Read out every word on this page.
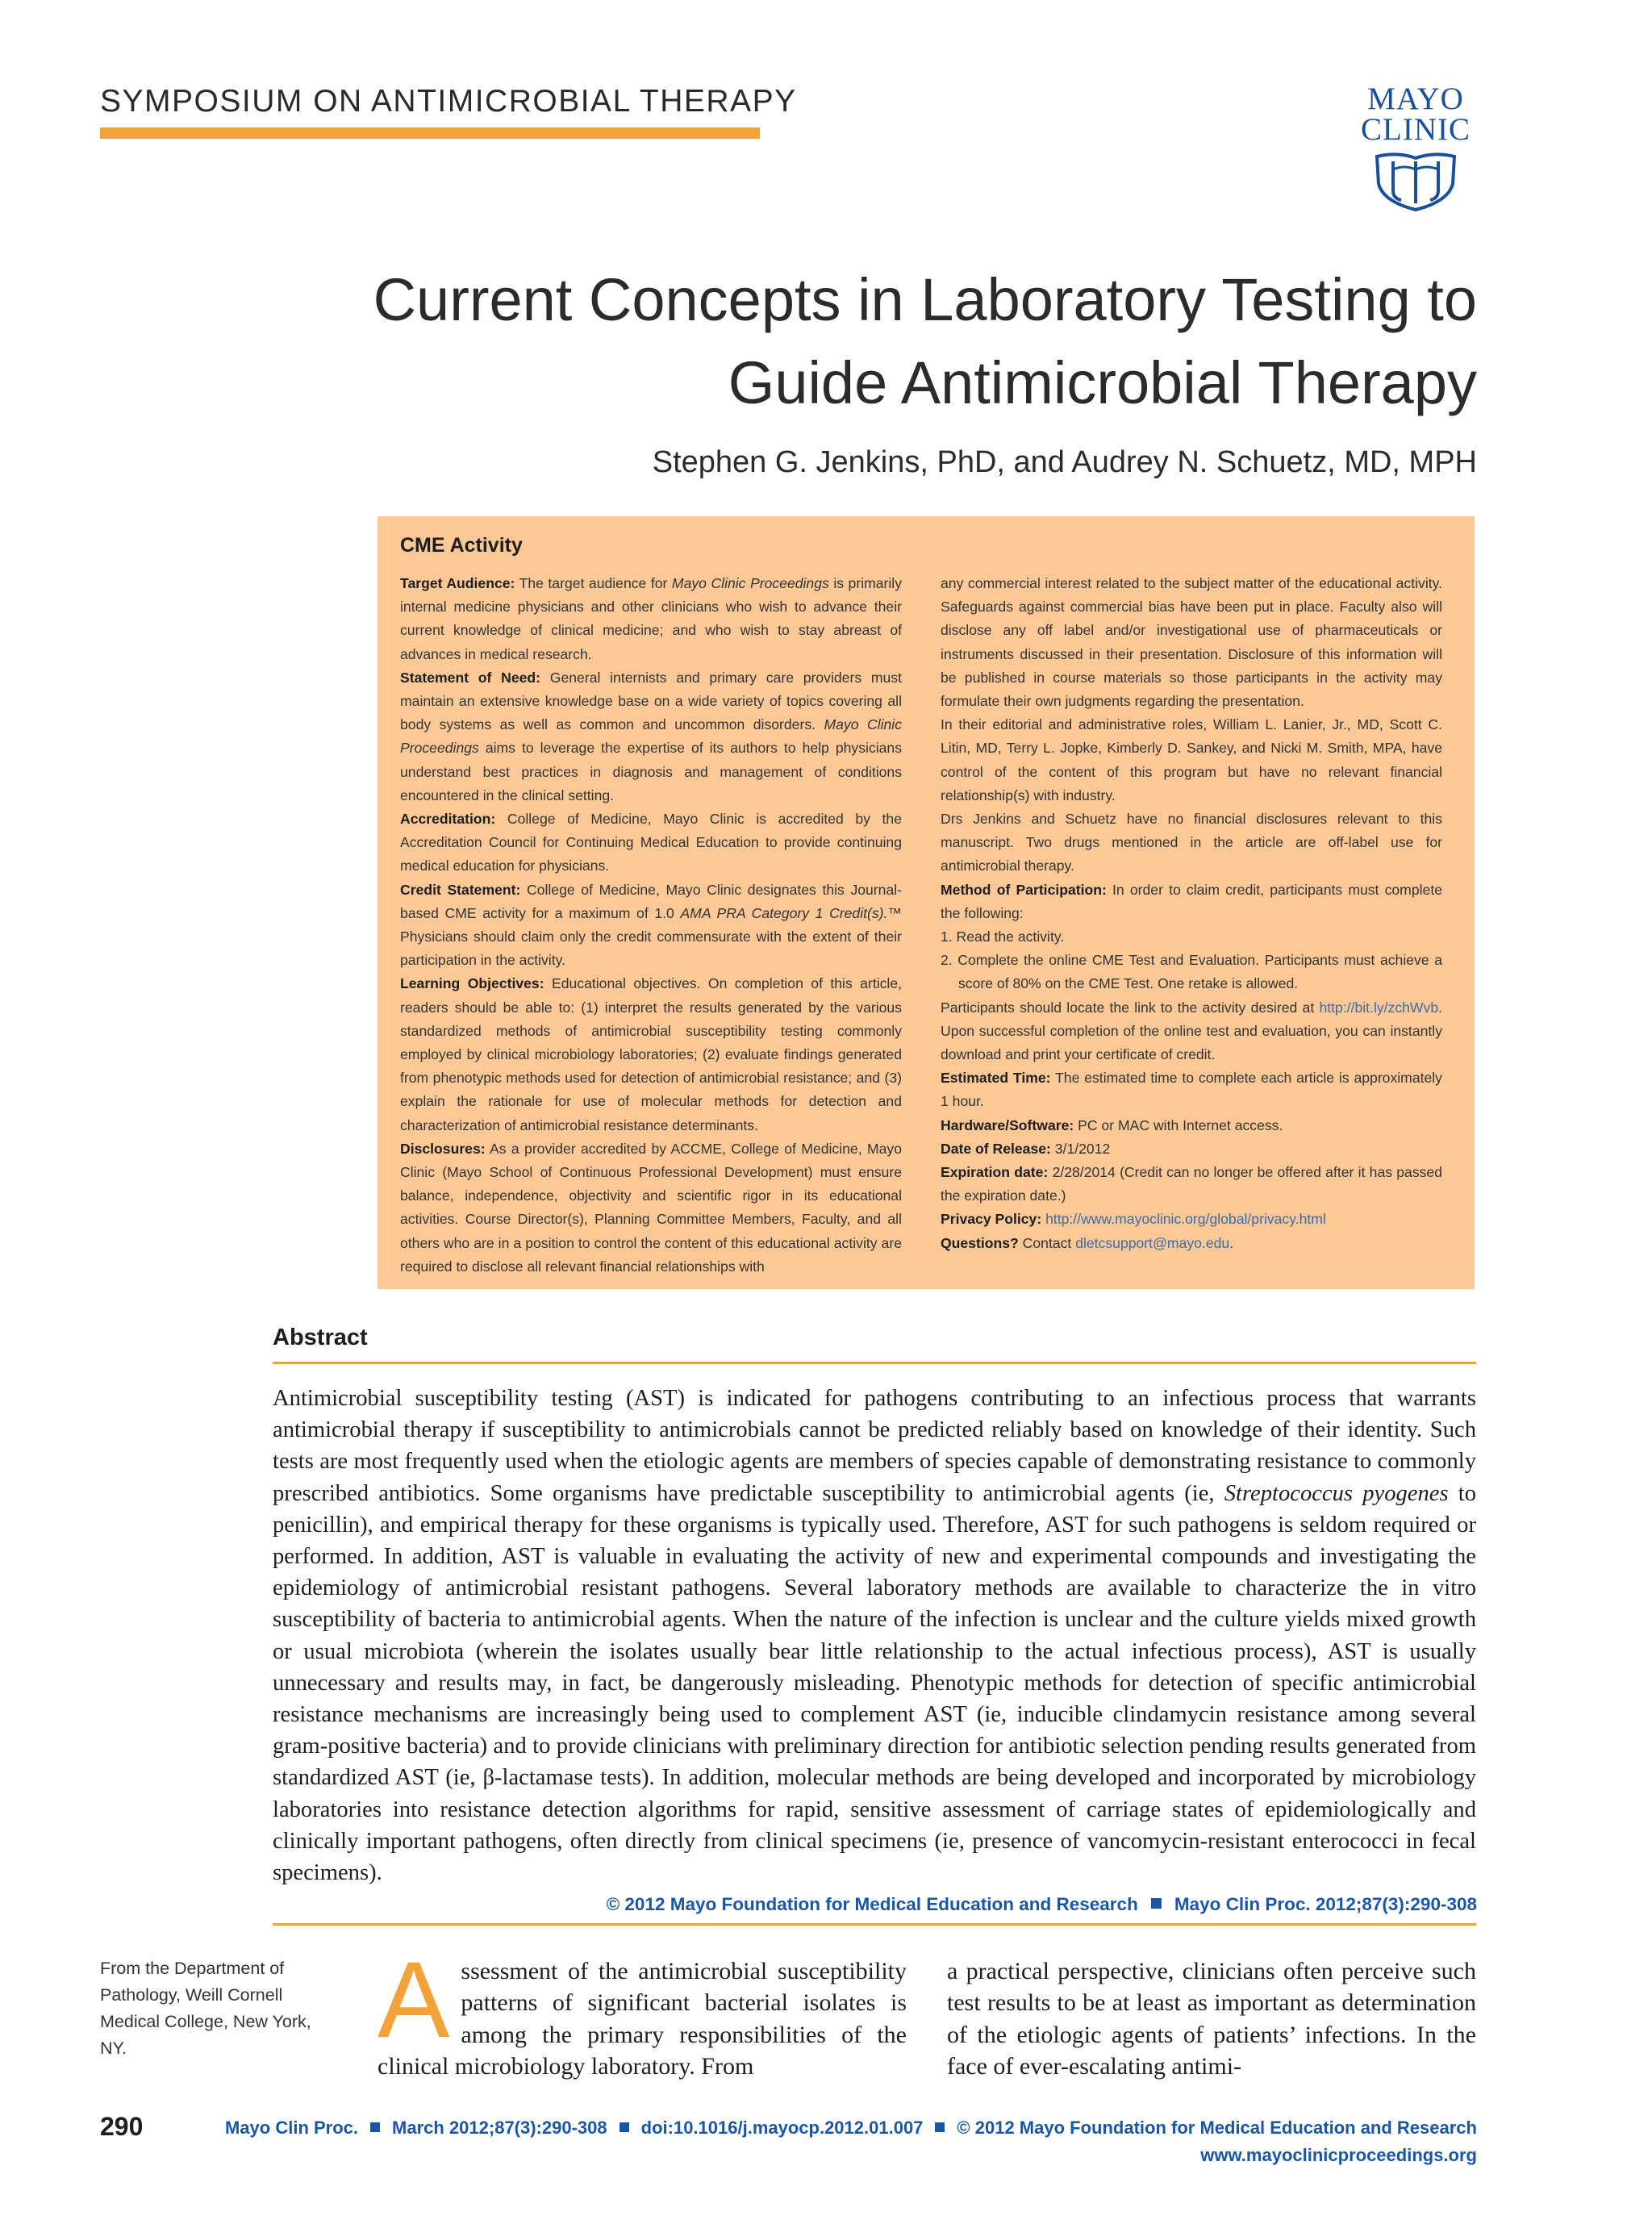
SYMPOSIUM ON ANTIMICROBIAL THERAPY	MAYO
CLINIC
Current Concepts in Laboratory Testing to
Guide Antimicrobial Therapy
Stephen G. Jenkins, PhD, and Audrey N. Schuetz, MD, MPH
CME Activity

Target Audience: The target audience for Mayo Clinic Proceedings is primarily internal medicine physicians and other clinicians who wish to advance their current knowledge of clinical medicine; and who wish to stay abreast of advances in medical research.

Statement of Need: General internists and primary care providers must maintain an extensive knowledge base on a wide variety of topics covering all body systems as well as common and uncommon disorders. Mayo Clinic Proceedings aims to leverage the expertise of its authors to help physicians understand best practices in diagnosis and management of conditions encountered in the clinical setting.

Accreditation: College of Medicine, Mayo Clinic is accredited by the Accreditation Council for Continuing Medical Education to provide continuing medical education for physicians.

Credit Statement: College of Medicine, Mayo Clinic designates this Journal-based CME activity for a maximum of 1.0 AMA PRA Category 1 Credit(s).™ Physicians should claim only the credit commensurate with the extent of their participation in the activity.

Learning Objectives: Educational objectives. On completion of this article, readers should be able to: (1) interpret the results generated by the various standardized methods of antimicrobial susceptibility testing commonly employed by clinical microbiology laboratories; (2) evaluate findings generated from phenotypic methods used for detection of antimicrobial resistance; and (3) explain the rationale for use of molecular methods for detection and characterization of antimicrobial resistance determinants.

Disclosures: As a provider accredited by ACCME, College of Medicine, Mayo Clinic (Mayo School of Continuous Professional Development) must ensure balance, independence, objectivity and scientific rigor in its educational activities. Course Director(s), Planning Committee Members, Faculty, and all others who are in a position to control the content of this educational activity are required to disclose all relevant financial relationships with

any commercial interest related to the subject matter of the educational activity. Safeguards against commercial bias have been put in place. Faculty also will disclose any off label and/or investigational use of pharmaceuticals or instruments discussed in their presentation. Disclosure of this information will be published in course materials so those participants in the activity may formulate their own judgments regarding the presentation.

In their editorial and administrative roles, William L. Lanier, Jr., MD, Scott C. Litin, MD, Terry L. Jopke, Kimberly D. Sankey, and Nicki M. Smith, MPA, have control of the content of this program but have no relevant financial relationship(s) with industry.

Drs Jenkins and Schuetz have no financial disclosures relevant to this manuscript. Two drugs mentioned in the article are off-label use for antimicrobial therapy.

Method of Participation: In order to claim credit, participants must complete the following:

1. Read the activity.

2. Complete the online CME Test and Evaluation. Participants must achieve a score of 80% on the CME Test. One retake is allowed.

Participants should locate the link to the activity desired at http://bit.ly/zchWvb. Upon successful completion of the online test and evaluation, you can instantly download and print your certificate of credit.

Estimated Time: The estimated time to complete each article is approximately 1 hour.

Hardware/Software: PC or MAC with Internet access.

Date of Release: 3/1/2012

Expiration date: 2/28/2014 (Credit can no longer be offered after it has passed the expiration date.)

Privacy Policy: http://www.mayoclinic.org/global/privacy.html

Questions? Contact dletcsupport@mayo.edu.

Abstract

Antimicrobial susceptibility testing (AST) is indicated for pathogens contributing to an infectious process that warrants antimicrobial therapy if susceptibility to antimicrobials cannot be predicted reliably based on knowledge of their identity. Such tests are most frequently used when the etiologic agents are members of species capable of demonstrating resistance to commonly prescribed antibiotics. Some organisms have predictable susceptibility to antimicrobial agents (ie, Streptococcus pyogenes to penicillin), and empirical therapy for these organisms is typically used. Therefore, AST for such pathogens is seldom required or performed. In addition, AST is valuable in evaluating the activity of new and experimental compounds and investigating the epidemiology of antimicrobial resistant pathogens. Several laboratory methods are available to characterize the in vitro susceptibility of bacteria to antimicrobial agents. When the nature of the infection is unclear and the culture yields mixed growth or usual microbiota (wherein the isolates usually bear little relationship to the actual infectious process), AST is usually unnecessary and results may, in fact, be dangerously misleading. Phenotypic methods for detection of specific antimicrobial resistance mechanisms are increasingly being used to complement AST (ie, inducible clindamycin resistance among several gram-positive bacteria) and to provide clinicians with preliminary direction for antibiotic selection pending results generated from standardized AST (ie, β-lactamase tests). In addition, molecular methods are being developed and incorporated by microbiology laboratories into resistance detection algorithms for rapid, sensitive assessment of carriage states of epidemiologically and clinically important pathogens, often directly from clinical specimens (ie, presence of vancomycin-resistant enterococci in fecal specimens).

© 2012 Mayo Foundation for Medical Education and Research Mayo Clin Proc. 2012;87(3):290-308
From the Department of Pathology, Weill Cornell Medical College, New York, NY.	Assessment of the antimicrobial susceptibility patterns of significant bacterial isolates is among the primary responsibilities of the clinical microbiology laboratory. From

a practical perspective, clinicians often perceive such test results to be at least as important as determination of the etiologic agents of patients’ infections. In the face of ever-escalating antimi-

290	Mayo Clin Proc. March 2012;87(3):290-308 doi:10.1016/j.mayocp.2012.01.007 © 2012 Mayo Foundation for Medical Education and Research
www.mayoclinicproceedings.org
